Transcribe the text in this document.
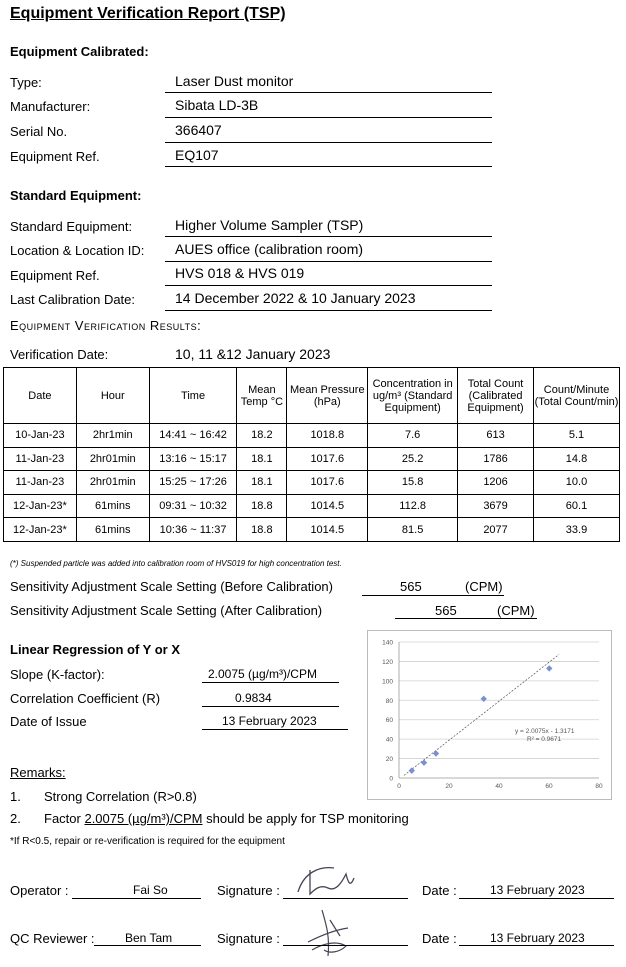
Equipment Verification Report (TSP)
Equipment Calibrated:
Type:	Laser Dust monitor
Manufacturer:	Sibata LD-3B
Serial No.	366407
Equipment Ref.	EQ107
Standard Equipment:
Standard Equipment:	Higher Volume Sampler (TSP)
Location & Location ID: AUES office (calibration room)
Equipment Ref.	HVS 018 & HVS 019
Last Calibration Date:	14 December 2022 & 10 January 2023
Equipment Verification Results:
Verification Date:	10, 11 &12 January 2023
Date	Hour	Time	Mean Temp °C	Mean Pressure (hPa)	Concentration in ug/m³ (Standard Equipment)	Total Count (Calibrated Equipment)	Count/Minute (Total Count/min)
10-Jan-23	2hr1min	14:41 ~ 16:42	18.2	1018.8	7.6	613	5.1
11-Jan-23	2hr01min	13:16 ~ 15:17	18.1	1017.6	25.2	1786	14.8
11-Jan-23	2hr01min	15:25 ~ 17:26	18.1	1017.6	15.8	1206	10.0
12-Jan-23*	61mins	09:31 ~ 10:32	18.8	1014.5	112.8	3679	60.1
12-Jan-23*	61mins	10:36 ~ 11:37	18.8	1014.5	81.5	2077	33.9
(*) Suspended particle was added into calibration room of HVS019 for high concentration test.
Sensitivity Adjustment Scale Setting (Before Calibration)	565	(CPM)
Sensitivity Adjustment Scale Setting (After Calibration)	565	(CPM)
Linear Regression of Y or X
Slope (K-factor):	2.0075 (µg/m³)/CPM
Correlation Coefficient (R)	0.9834
Date of Issue	13 February 2023
0
20
40
60
80
100
120
140
0	20	40	60	80
y = 2.0075x - 1.3171
R² = 0.9671
Remarks:
1. Strong Correlation (R>0.8)
2. Factor 2.0075 (µg/m³)/CPM should be apply for TSP monitoring
*If R<0.5, repair or re-verification is required for the equipment
Operator :	Fai So	Signature :	Date :	13 February 2023
QC Reviewer :	Ben Tam	Signature :	Date :	13 February 2023
